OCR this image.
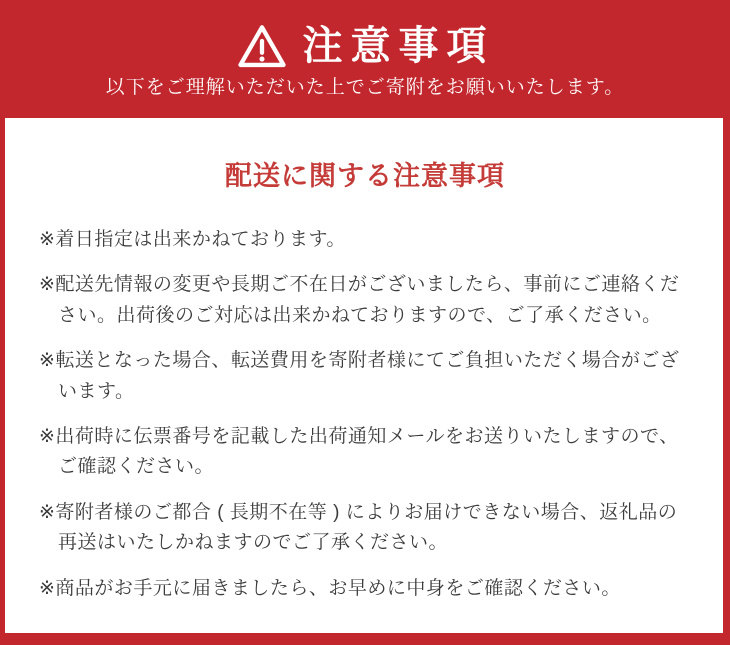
注意事項

以下をご理解いただいた上でご寄附をお願いいたします。

配送に関する注意事項
※着日指定は出来かねております。
※配送先情報の変更や長期ご不在日がございましたら、事前にご連絡ください。出荷後のご対応は出来かねておりますので、ご了承ください。
※転送となった場合、転送費用を寄附者様にてご負担いただく場合がございます。
※出荷時に伝票番号を記載した出荷通知メールをお送りいたしますので、ご確認ください。
※寄附者様のご都合 ( 長期不在等 ) によりお届けできない場合、返礼品の再送はいたしかねますのでご了承ください。
※商品がお手元に届きましたら、お早めに中身をご確認ください。
